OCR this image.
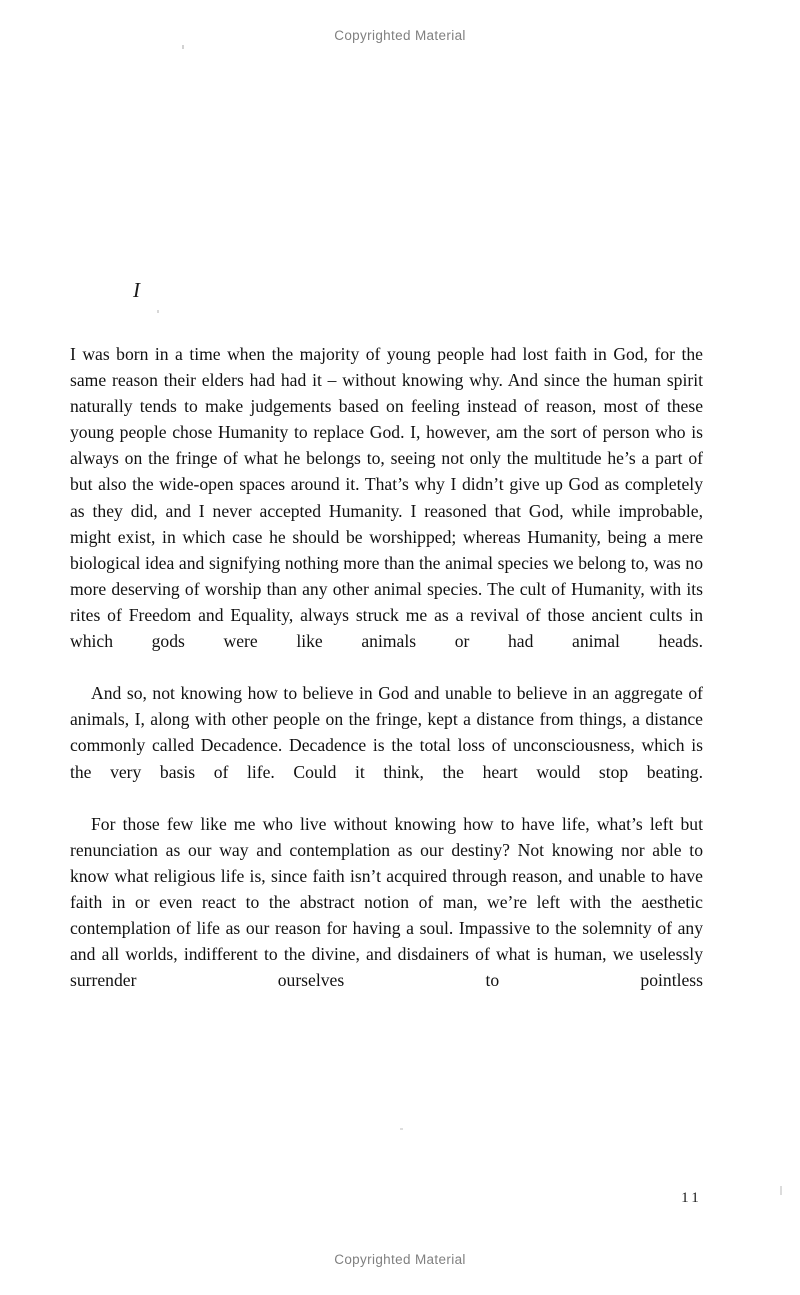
Copyrighted Material
I

I was born in a time when the majority of young people had lost faith in God, for the same reason their elders had had it – without knowing why. And since the human spirit naturally tends to make judgements based on feeling instead of reason, most of these young people chose Humanity to replace God. I, however, am the sort of person who is always on the fringe of what he belongs to, seeing not only the multitude he’s a part of but also the wide-open spaces around it. That’s why I didn’t give up God as completely as they did, and I never accepted Humanity. I reasoned that God, while improbable, might exist, in which case he should be worshipped; whereas Humanity, being a mere biological idea and signifying nothing more than the animal species we belong to, was no more deserving of worship than any other animal species. The cult of Humanity, with its rites of Freedom and Equality, always struck me as a revival of those ancient cults in which gods were like animals or had animal heads.

And so, not knowing how to believe in God and unable to believe in an aggregate of animals, I, along with other people on the fringe, kept a distance from things, a distance commonly called Decadence. Decadence is the total loss of unconsciousness, which is the very basis of life. Could it think, the heart would stop beating.

For those few like me who live without knowing how to have life, what’s left but renunciation as our way and contemplation as our destiny? Not knowing nor able to know what religious life is, since faith isn’t acquired through reason, and unable to have faith in or even react to the abstract notion of man, we’re left with the aesthetic contemplation of life as our reason for having a soul. Impassive to the solemnity of any and all worlds, indifferent to the divine, and disdainers of what is human, we uselessly surrender ourselves to pointless

11
Copyrighted Material
